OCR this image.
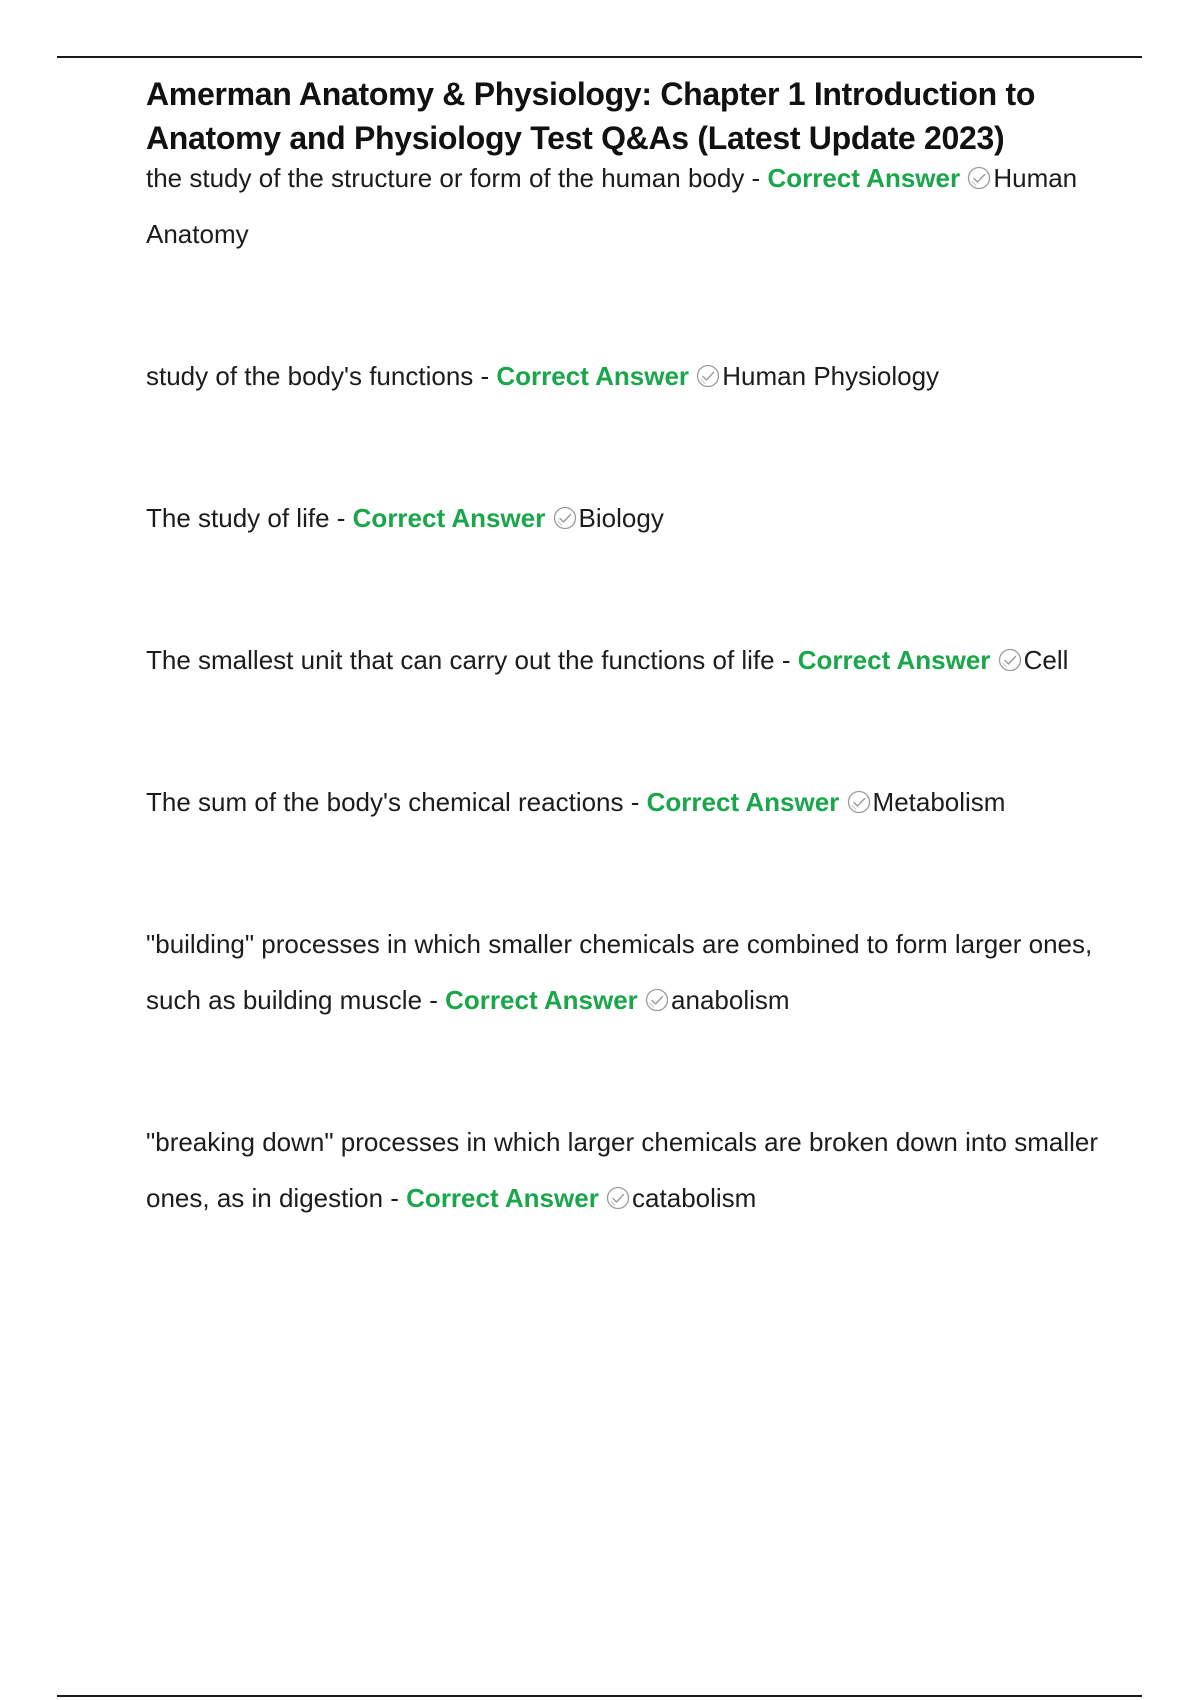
Amerman Anatomy & Physiology: Chapter 1 Introduction to Anatomy and Physiology Test Q&As (Latest Update 2023)

the study of the structure or form of the human body - Correct Answer Human Anatomy

study of the body's functions - Correct Answer Human Physiology

The study of life - Correct Answer Biology

The smallest unit that can carry out the functions of life - Correct Answer Cell

The sum of the body's chemical reactions - Correct Answer Metabolism

"building" processes in which smaller chemicals are combined to form larger ones, such as building muscle - Correct Answer anabolism

"breaking down" processes in which larger chemicals are broken down into smaller ones, as in digestion - Correct Answer catabolism
